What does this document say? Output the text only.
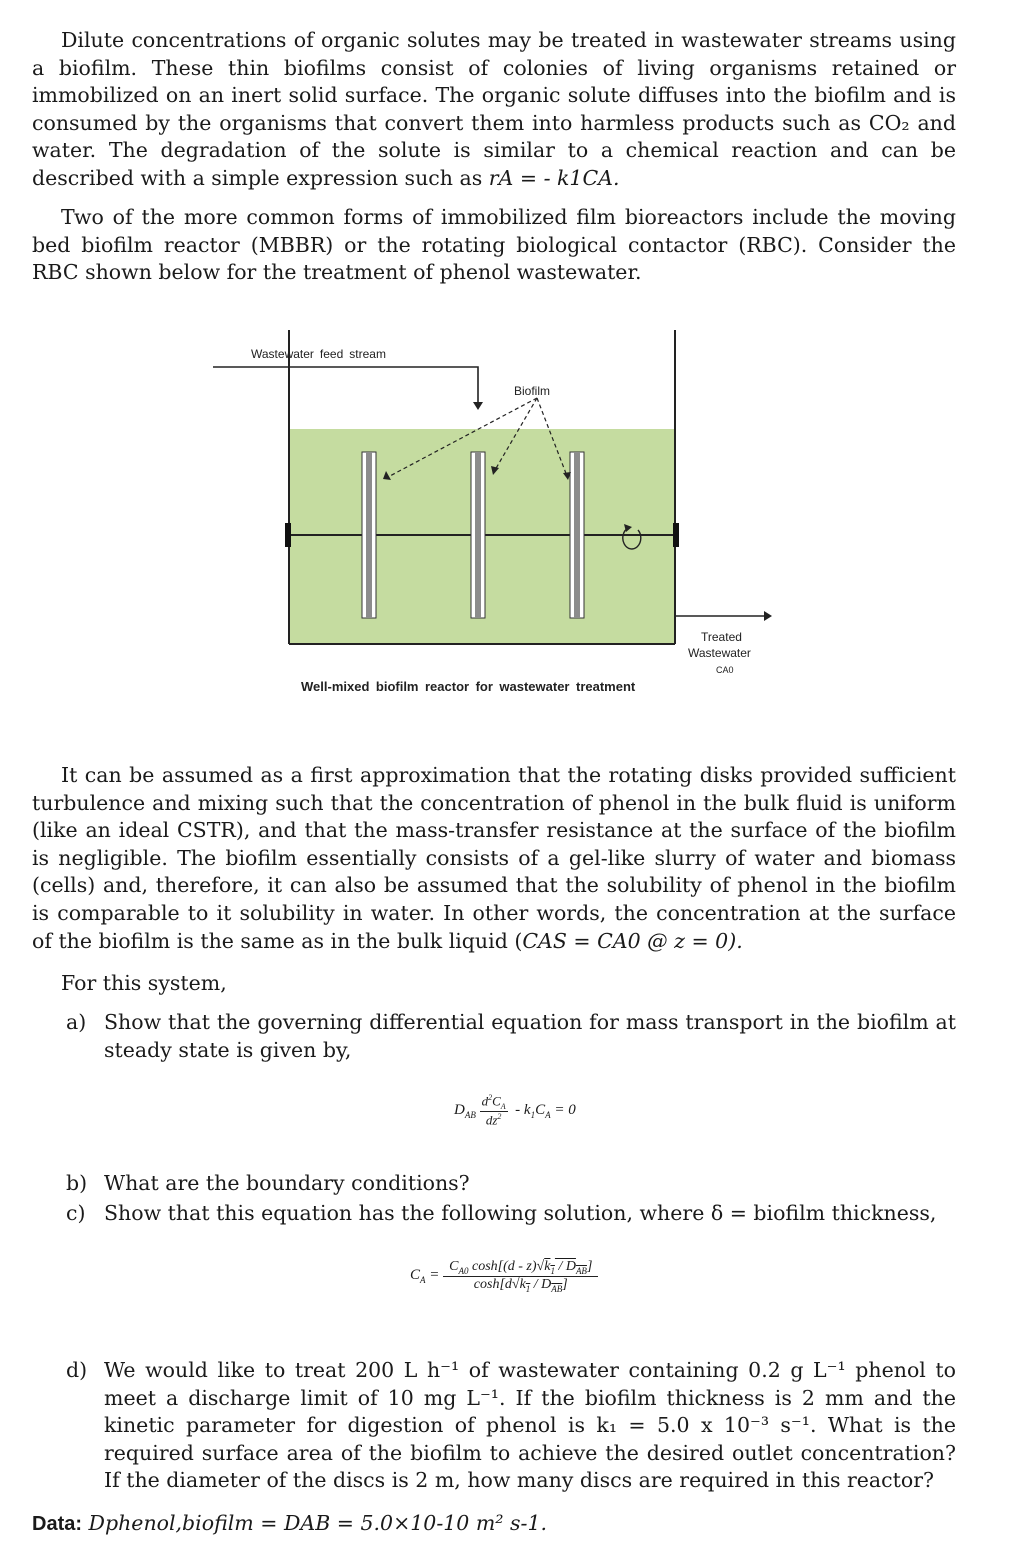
Dilute concentrations of organic solutes may be treated in wastewater streams using a biofilm. These thin biofilms consist of colonies of living organisms retained or immobilized on an inert solid surface. The organic solute diffuses into the biofilm and is consumed by the organisms that convert them into harmless products such as CO₂ and water. The degradation of the solute is similar to a chemical reaction and can be described with a simple expression such as rA = - k1CA.

Two of the more common forms of immobilized film bioreactors include the moving bed biofilm reactor (MBBR) or the rotating biological contactor (RBC). Consider the RBC shown below for the treatment of phenol wastewater.

Wastewater feed stream 
Biofilm 
Treated 
Wastewater 
CA0 
Well-mixed biofilm reactor for wastewater treatment 

It can be assumed as a first approximation that the rotating disks provided sufficient turbulence and mixing such that the concentration of phenol in the bulk fluid is uniform (like an ideal CSTR), and that the mass-transfer resistance at the surface of the biofilm is negligible. The biofilm essentially consists of a gel-like slurry of water and biomass (cells) and, therefore, it can also be assumed that the solubility of phenol in the biofilm is comparable to it solubility in water. In other words, the concentration at the surface of the biofilm is the same as in the bulk liquid (CAS = CA0 @ z = 0).

For this system,

a) Show that the governing differential equation for mass transport in the biofilm at steady state is given by,
$D_{AB} \frac{d^2C_A}{dz^2} - k_1C_A = 0$
b) What are the boundary conditions?
c) Show that this equation has the following solution, where δ = biofilm thickness,
$C_A = \frac{C_{A0} \cosh[(d - z)√k_1 / D_{AB}]}{\cosh[d√k_1 / D_{AB}]}$
d) We would like to treat 200 L h⁻¹ of wastewater containing 0.2 g L⁻¹ phenol to meet a discharge limit of 10 mg L⁻¹. If the biofilm thickness is 2 mm and the kinetic parameter for digestion of phenol is k₁ = 5.0 x 10⁻³ s⁻¹. What is the required surface area of the biofilm to achieve the desired outlet concentration? If the diameter of the discs is 2 m, how many discs are required in this reactor?

Data: Dphenol,biofilm = DAB = 5.0×10-10 m² s-1.
